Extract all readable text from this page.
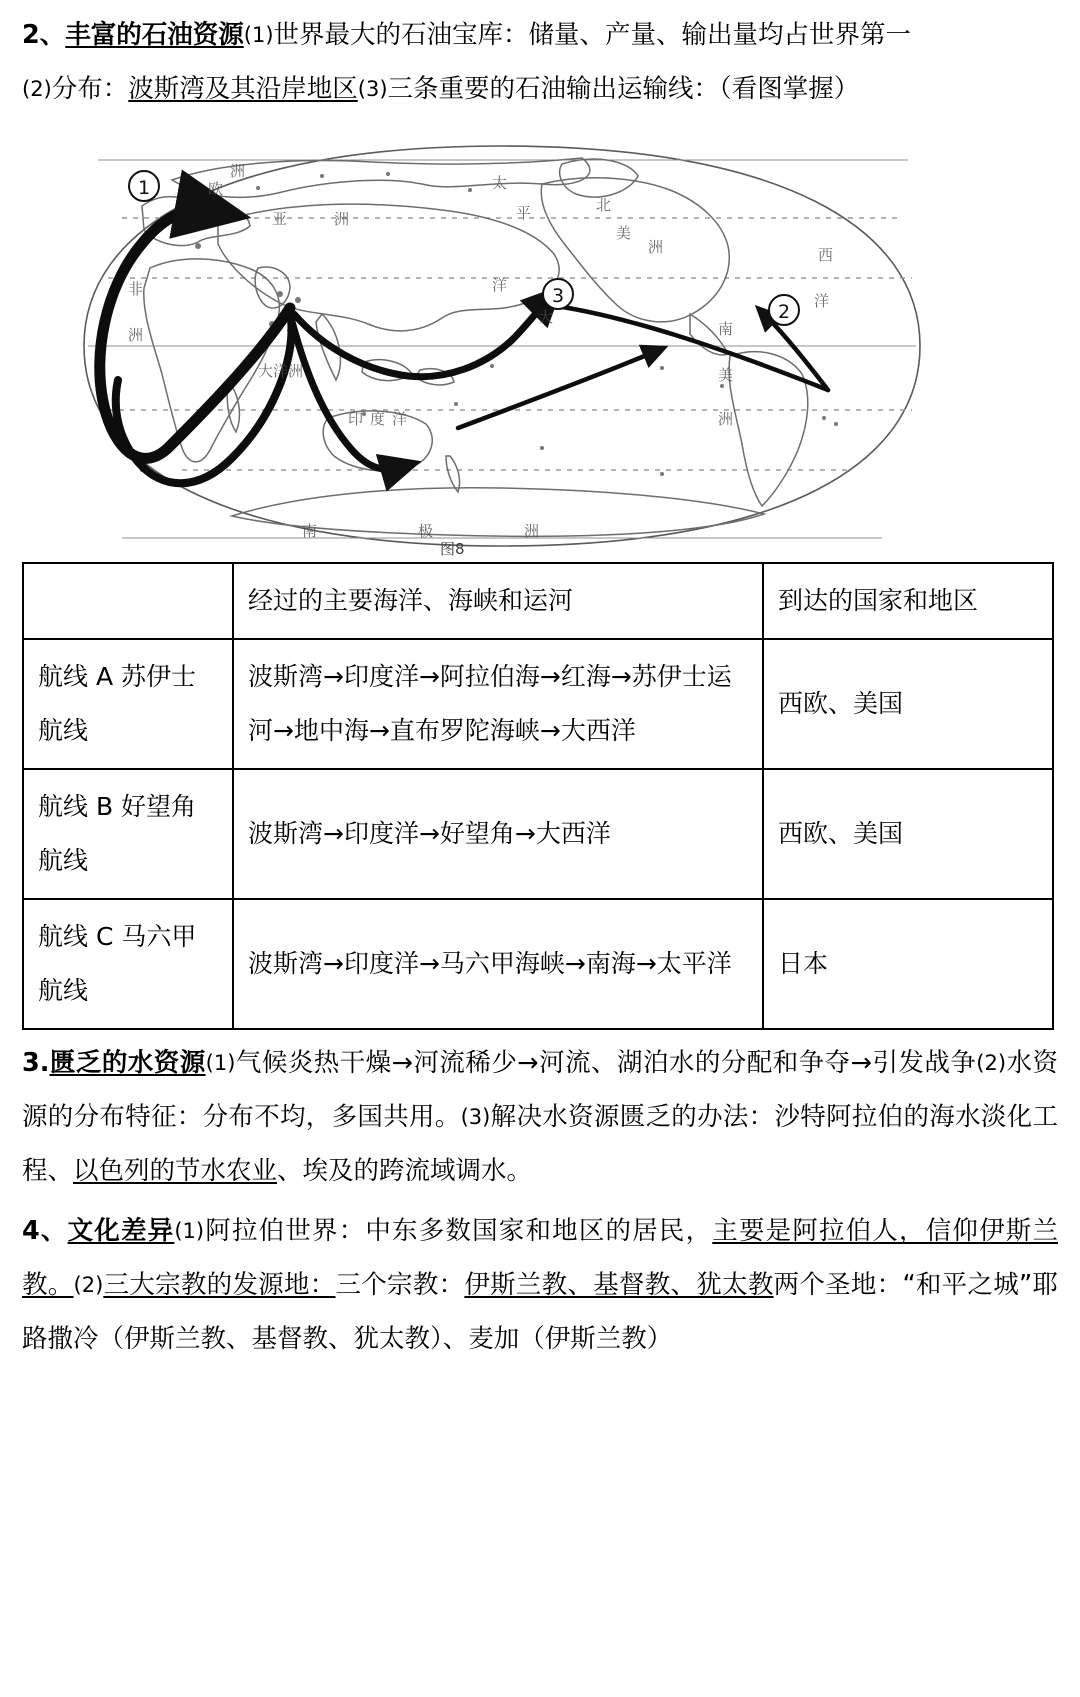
2、丰富的石油资源(1)世界最大的石油宝库：储量、产量、输出量均占世界第一

(2)分布：波斯湾及其沿岸地区(3)三条重要的石油输出运输线：（看图掌握）

1
2
3
欧
洲
亚	洲
非
洲
大洋洲
北
美
洲
南
美
洲
南	极	洲
太
平
洋
大
西
洋
印 度 洋
图8
	经过的主要海洋、海峡和运河	到达的国家和地区
航线 A 苏伊士航线	波斯湾→印度洋→阿拉伯海→红海→苏伊士运河→地中海→直布罗陀海峡→大西洋	西欧、美国
航线 B 好望角航线	波斯湾→印度洋→好望角→大西洋	西欧、美国
航线 C 马六甲航线	波斯湾→印度洋→马六甲海峡→南海→太平洋	日本

3.匮乏的水资源(1)气候炎热干燥→河流稀少→河流、湖泊水的分配和争夺→引发战争(2)水资源的分布特征：分布不均，多国共用。(3)解决水资源匮乏的办法：沙特阿拉伯的海水淡化工程、以色列的节水农业、埃及的跨流域调水。

4、文化差异(1)阿拉伯世界：中东多数国家和地区的居民，主要是阿拉伯人，信仰伊斯兰教。(2)三大宗教的发源地：三个宗教：伊斯兰教、基督教、犹太教两个圣地：“和平之城”耶路撒冷（伊斯兰教、基督教、犹太教）、麦加（伊斯兰教）
